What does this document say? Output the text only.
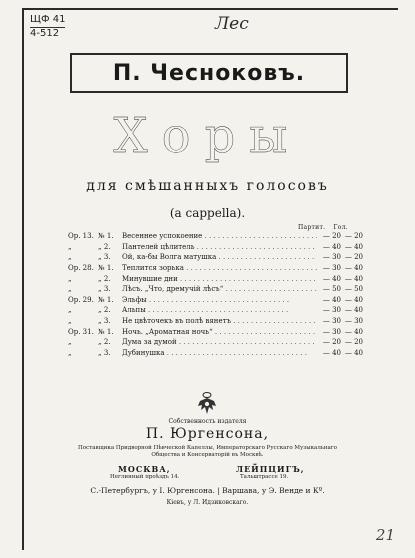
ЩФ 41
4-512	Лес
П. Чесноковъ.
Хоры
для смѣшанныхъ голосовъ
(a cappella).
Партит. Гол.
Op. 13. № 1.	Весеннее успокоение . . .	— 20 — 20
„	„ 2.	Пантелей цѣлитель . . .	— 40 — 40
„	„ 3.	Ой, ка-бы Волга матушка . . .	— 30 — 20
Op. 28. № 1.	Теплится зорька . . .	— 30 — 40
„	„ 2.	Минувшие дни . . .	— 40 — 40
„	„ 3.	Лѣсъ. „Что, дремучій лѣсъ“ . . .	— 50 — 50
Op. 29. № 1.	Эльфы . . .	— 40 — 40
„	„ 2.	Альпы . . .	— 30 — 40
„	„ 3.	Не цвѣточекъ въ полѣ вянетъ . . .	— 30 — 30
Op. 31. № 1.	Ночь. „Ароматная ночь“ . . .	— 30 — 40
„	„ 2.	Дума за думой . . .	— 20 — 20
„	„ 3.	Дубинушка . . .	— 40 — 40
Собственность издателя
П. Юргенсона,
Поставщика Придворной Пѣвческой Капеллы, Императорскаго Русскаго Музыкальнаго Общества и Консерваторій въ Москвѣ.
МОСКВА,
Неглинный проѣздъ 14.
ЛЕЙПЦИГЪ,
Тальштрассе 19.
С.-Петербургъ, у I. Юргенсона. | Варшава, у Э. Венде и Кº.
Кіевъ, у Л. Идзиковскаго.
21
